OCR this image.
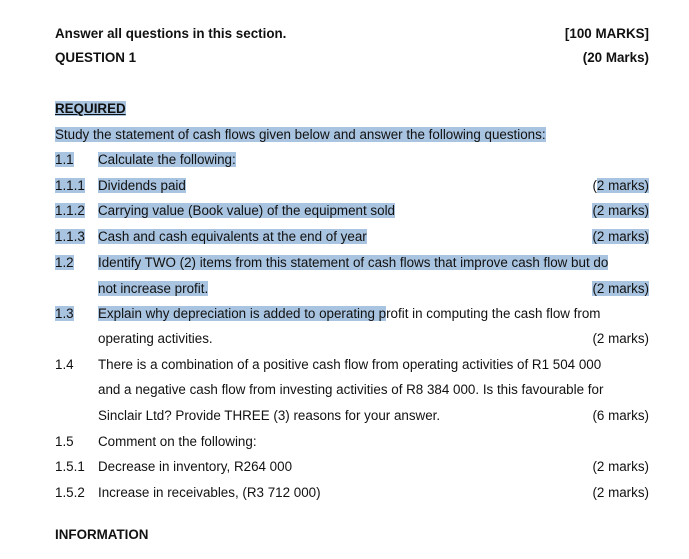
Answer all questions in this section.	[100 MARKS]
QUESTION 1	(20 Marks)
REQUIRED
Study the statement of cash flows given below and answer the following questions:
1.1 Calculate the following:
1.1.1 Dividends paid	(2 marks)
1.1.2 Carrying value (Book value) of the equipment sold	(2 marks)
1.1.3 Cash and cash equivalents at the end of year	(2 marks)
1.2 Identify TWO (2) items from this statement of cash flows that improve cash flow but do
not increase profit.	(2 marks)
1.3 Explain why depreciation is added to operating profit in computing the cash flow from
operating activities.	(2 marks)
1.4 There is a combination of a positive cash flow from operating activities of R1 504 000
and a negative cash flow from investing activities of R8 384 000. Is this favourable for
Sinclair Ltd? Provide THREE (3) reasons for your answer.	(6 marks)
1.5 Comment on the following:
1.5.1 Decrease in inventory, R264 000	(2 marks)
1.5.2 Increase in receivables, (R3 712 000)	(2 marks)
INFORMATION
